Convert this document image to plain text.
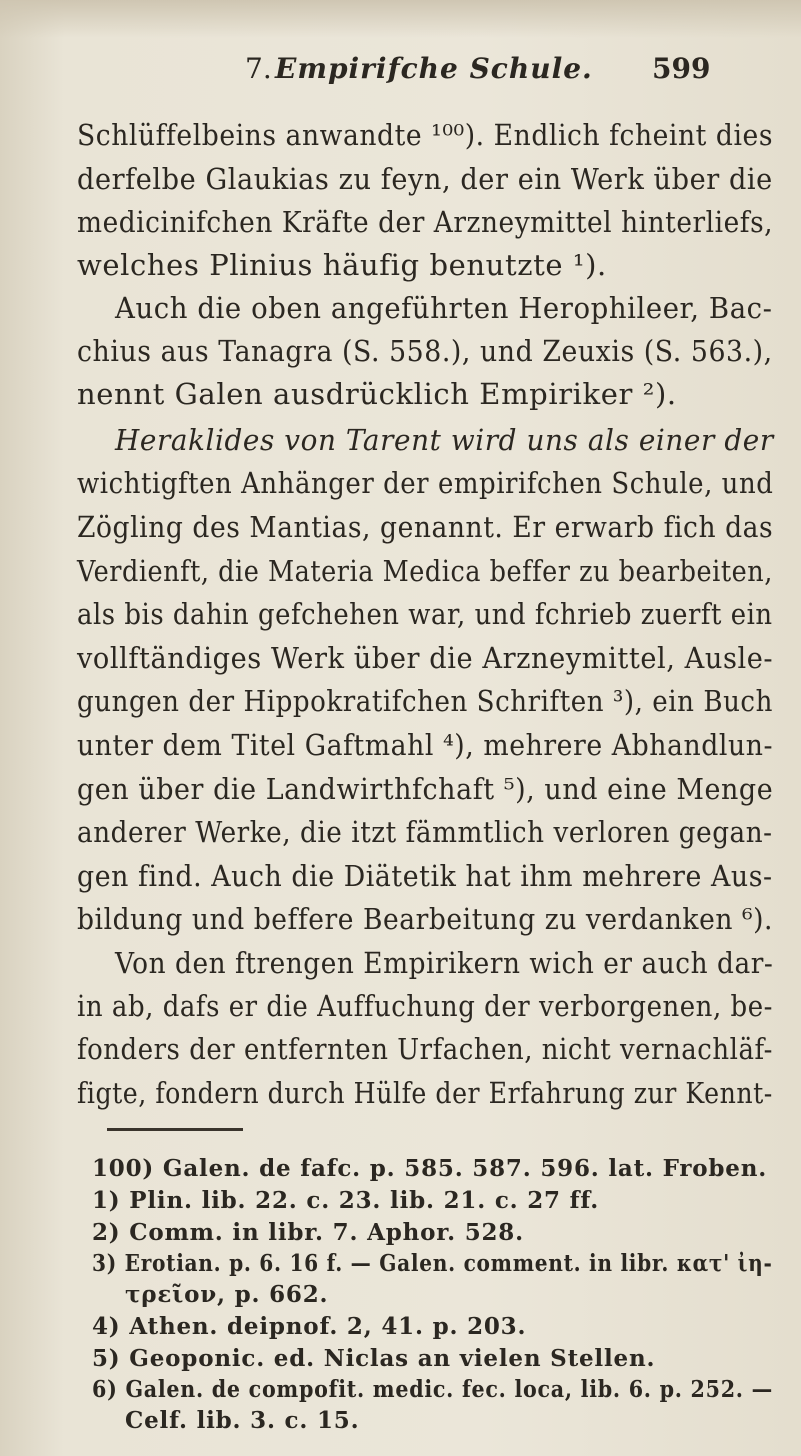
7. Empirifche Schule. 599
Schlüffelbeins anwandte ¹⁰⁰). Endlich fcheint dies
derfelbe Glaukias zu feyn, der ein Werk über die
medicinifchen Kräfte der Arzneymittel hinterliefs,
welches Plinius häufig benutzte ¹).
Auch die oben angeführten Herophileer, Bac-
chius aus Tanagra (S. 558.), und Zeuxis (S. 563.),
nennt Galen ausdrücklich Empiriker ²).
Heraklides von Tarent wird uns als einer der
wichtigften Anhänger der empirifchen Schule, und
Zögling des Mantias, genannt. Er erwarb fich das
Verdienft, die Materia Medica beffer zu bearbeiten,
als bis dahin gefchehen war, und fchrieb zuerft ein
vollftändiges Werk über die Arzneymittel, Ausle-
gungen der Hippokratifchen Schriften ³), ein Buch
unter dem Titel Gaftmahl ⁴), mehrere Abhandlun-
gen über die Landwirthfchaft ⁵), und eine Menge
anderer Werke, die itzt fämmtlich verloren gegan-
gen find. Auch die Diätetik hat ihm mehrere Aus-
bildung und beffere Bearbeitung zu verdanken ⁶).
Von den ftrengen Empirikern wich er auch dar-
in ab, dafs er die Auffuchung der verborgenen, be-
fonders der entfernten Urfachen, nicht vernachläf-
figte, fondern durch Hülfe der Erfahrung zur Kennt-
100) Galen. de fafc. p. 585. 587. 596. lat. Froben.
1) Plin. lib. 22. c. 23. lib. 21. c. 27 ff.
2) Comm. in libr. 7. Aphor. 528.
3) Erotian. p. 6. 16 f. — Galen. comment. in libr. κατ' ἰη-
τρεῖον, p. 662.
4) Athen. deipnof. 2, 41. p. 203.
5) Geoponic. ed. Niclas an vielen Stellen.
6) Galen. de compofit. medic. fec. loca, lib. 6. p. 252. —
Celf. lib. 3. c. 15.
